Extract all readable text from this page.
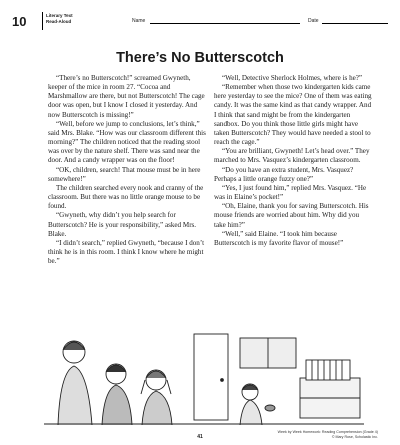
10	Literary Text
Read-Aloud	Name	Date
There’s No Butterscotch

“There’s no Butterscotch!” screamed Gwyneth, keeper of the mice in room 27. “Cocoa and Marshmallow are there, but not Butterscotch! The cage door was open, but I know I closed it yesterday. And now Butterscotch is missing!”

“Well, before we jump to conclusions, let’s think,” said Mrs. Blake. “How was our classroom different this morning?” The children noticed that the reading stool was over by the nature shelf. There was sand near the door. And a candy wrapper was on the floor!

“OK, children, search! That mouse must be in here somewhere!”

The children searched every nook and cranny of the classroom. But there was no little orange mouse to be found.

“Gwyneth, why didn’t you help search for Butterscotch? He is your responsibility,” asked Mrs. Blake.

“I didn’t search,” replied Gwyneth, “because I don’t think he is in this room. I think I know where he might be.”

“Well, Detective Sherlock Holmes, where is he?”

“Remember when those two kindergarten kids came here yesterday to see the mice? One of them was eating candy. It was the same kind as that candy wrapper. And I think that sand might be from the kindergarten sandbox. Do you think those little girls might have taken Butterscotch? They would have needed a stool to reach the cage.”

“You are brilliant, Gwyneth! Let’s head over.” They marched to Mrs. Vasquez’s kindergarten classroom.

“Do you have an extra student, Mrs. Vasquez? Perhaps a little orange fuzzy one?”

“Yes, I just found him,” replied Mrs. Vasquez. “He was in Elaine’s pocket!”

“Oh, Elaine, thank you for saving Butterscotch. His mouse friends are worried about him. Why did you take him?”

“Well,” said Elaine. “I took him because Butterscotch is my favorite flavor of mouse!”

41
Week by Week Homework: Reading Comprehension (Grade 4)
© Mary Rose, Scholastic Inc.
